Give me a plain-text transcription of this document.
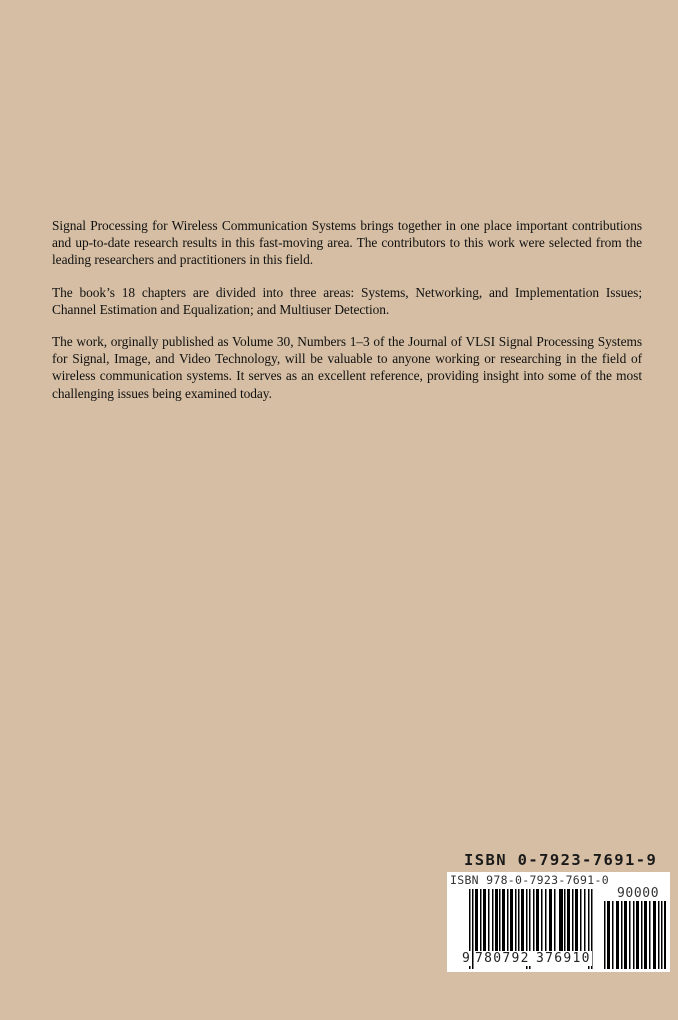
Signal Processing for Wireless Communication Systems brings together in one place important contributions and up-to-date research results in this fast-moving area. The contributors to this work were selected from the leading researchers and practitioners in this field.

The book’s 18 chapters are divided into three areas: Systems, Networking, and Implementation Issues; Channel Estimation and Equalization; and Multiuser Detection.

The work, orginally published as Volume 30, Numbers 1–3 of the Journal of VLSI Signal Processing Systems for Signal, Image, and Video Technology, will be valuable to anyone working or researching in the field of wireless communication systems. It serves as an excellent reference, providing insight into some of the most challenging issues being examined today.

ISBN 0-7923-7691-9
ISBN 978-0-7923-7691-0
90000
9 780792 376910
